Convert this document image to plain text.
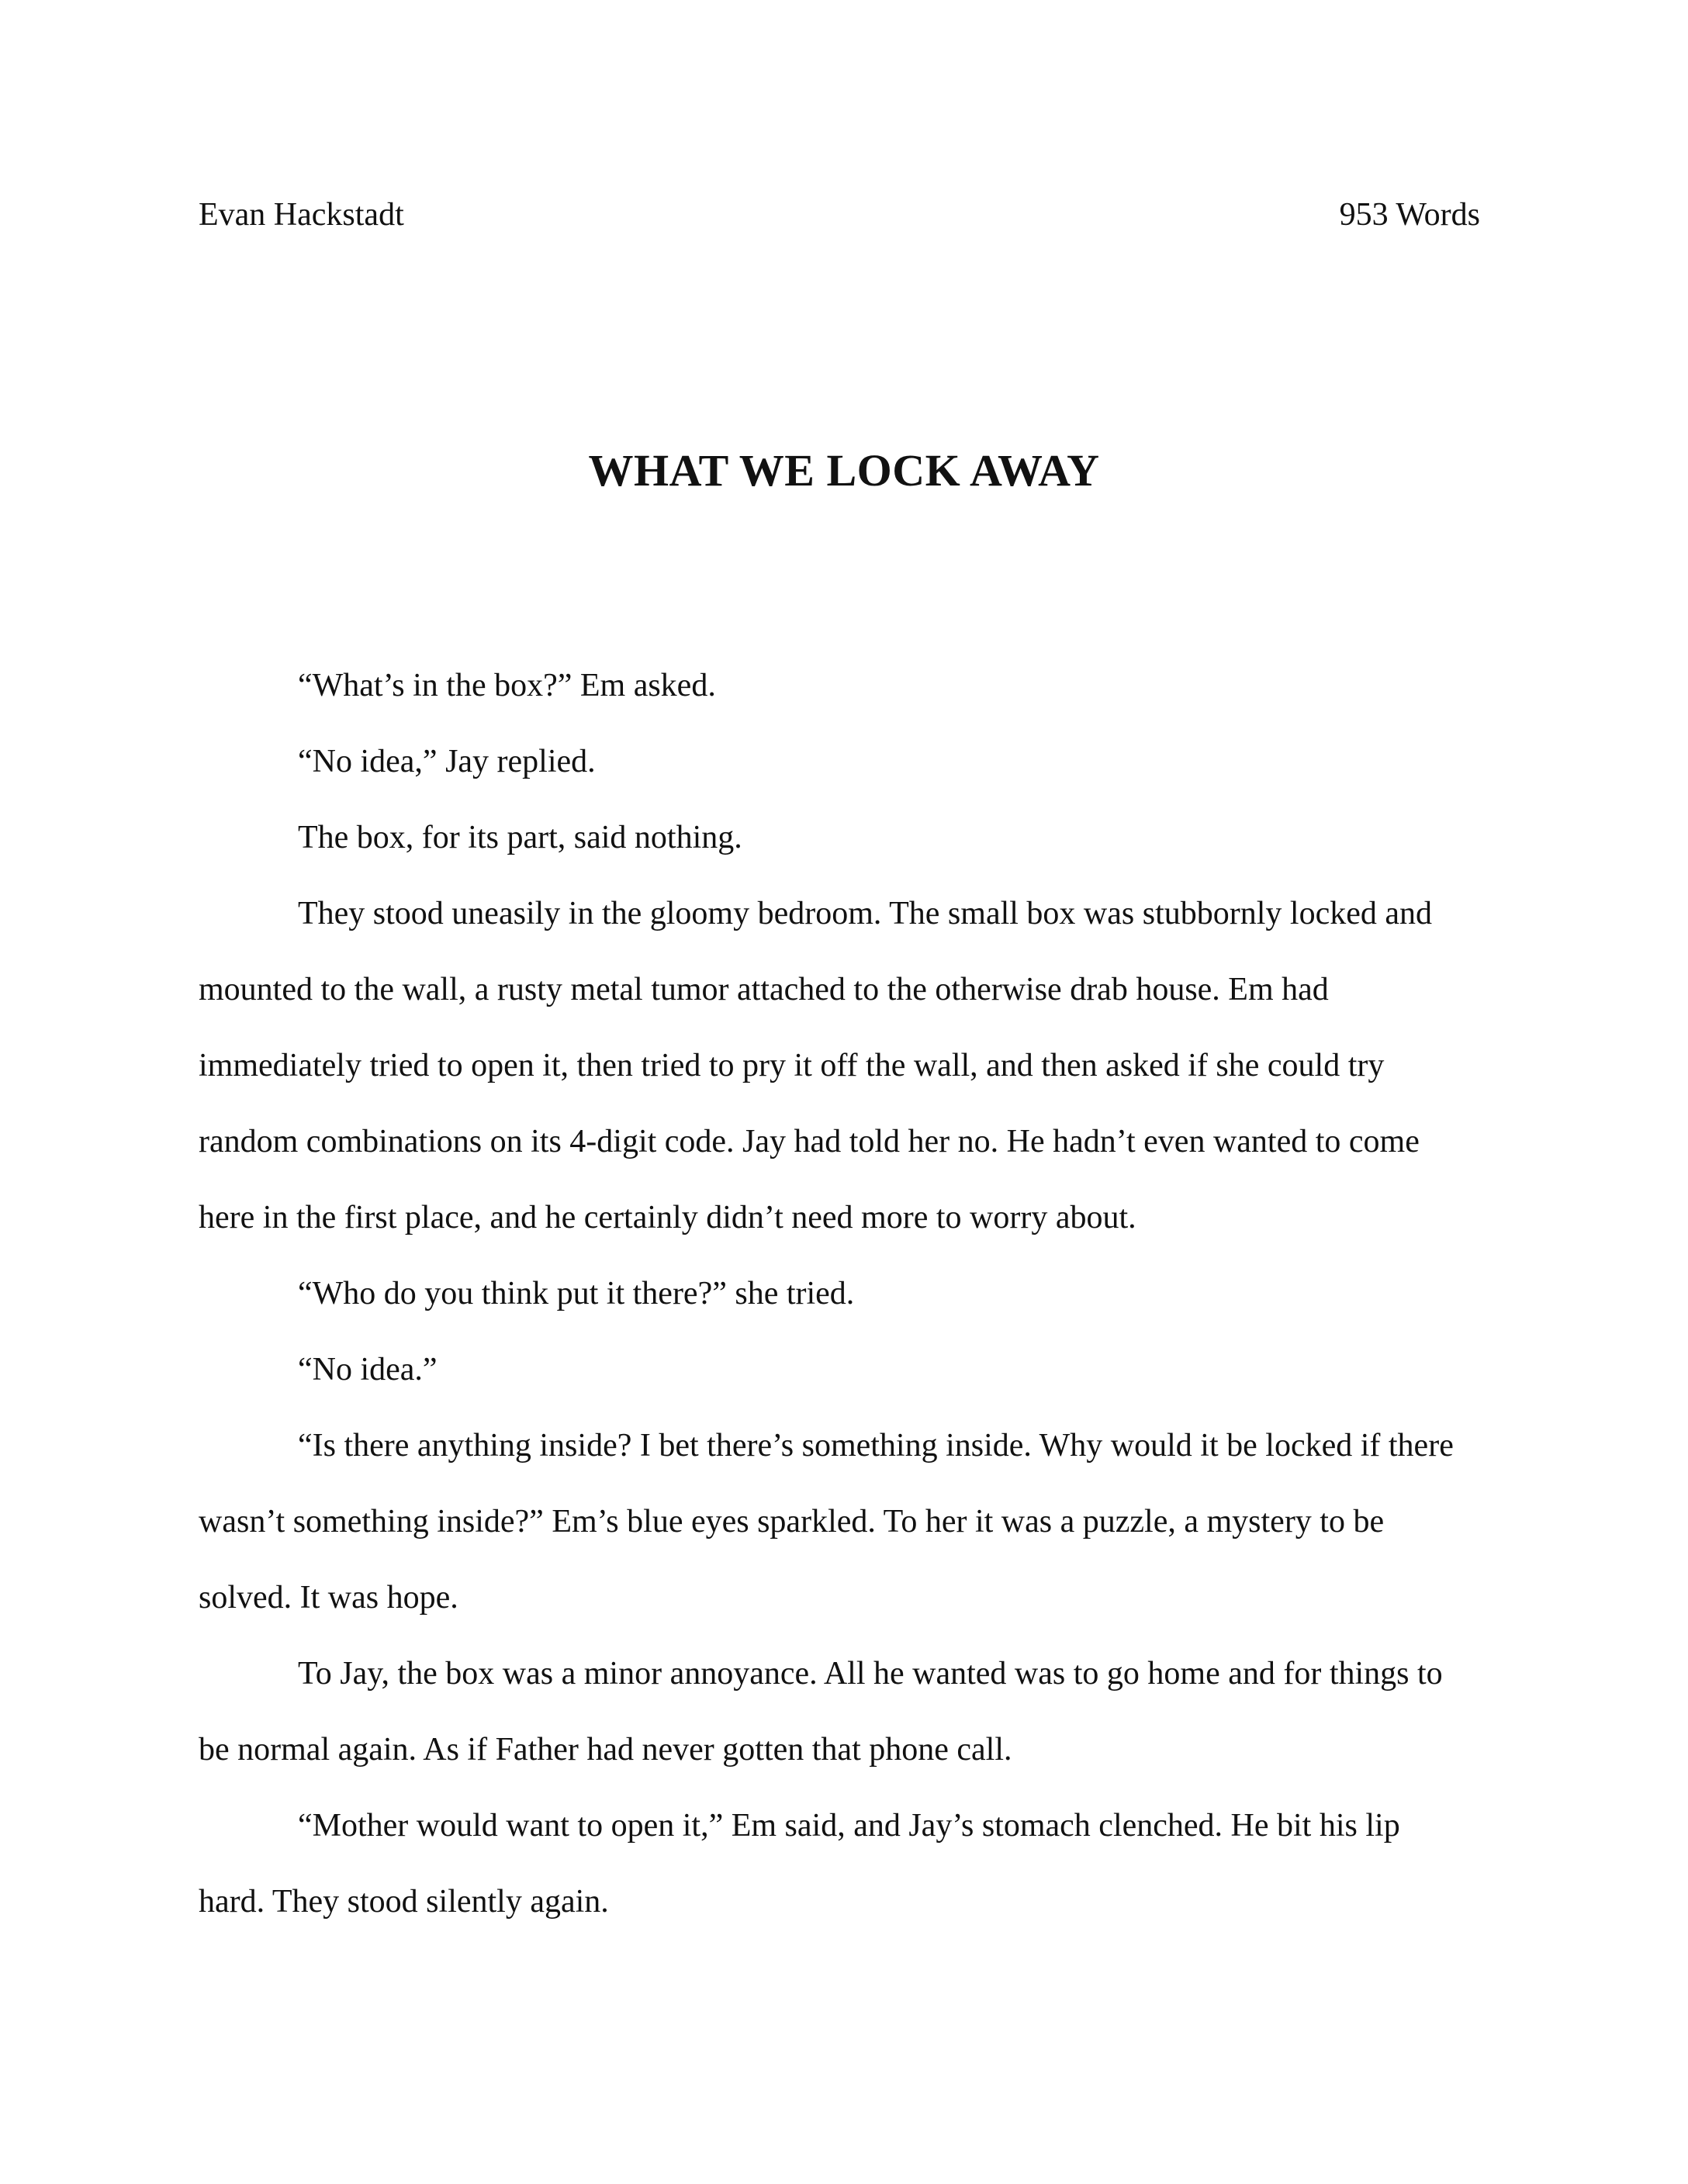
Evan Hackstadt	953 Words
WHAT WE LOCK AWAY

“What’s in the box?” Em asked.

“No idea,” Jay replied.

The box, for its part, said nothing.

They stood uneasily in the gloomy bedroom. The small box was stubbornly locked and
mounted to the wall, a rusty metal tumor attached to the otherwise drab house. Em had
immediately tried to open it, then tried to pry it off the wall, and then asked if she could try
random combinations on its 4-digit code. Jay had told her no. He hadn’t even wanted to come
here in the first place, and he certainly didn’t need more to worry about.

“Who do you think put it there?” she tried.

“No idea.”

“Is there anything inside? I bet there’s something inside. Why would it be locked if there
wasn’t something inside?” Em’s blue eyes sparkled. To her it was a puzzle, a mystery to be
solved. It was hope.

To Jay, the box was a minor annoyance. All he wanted was to go home and for things to
be normal again. As if Father had never gotten that phone call.

“Mother would want to open it,” Em said, and Jay’s stomach clenched. He bit his lip
hard. They stood silently again.
